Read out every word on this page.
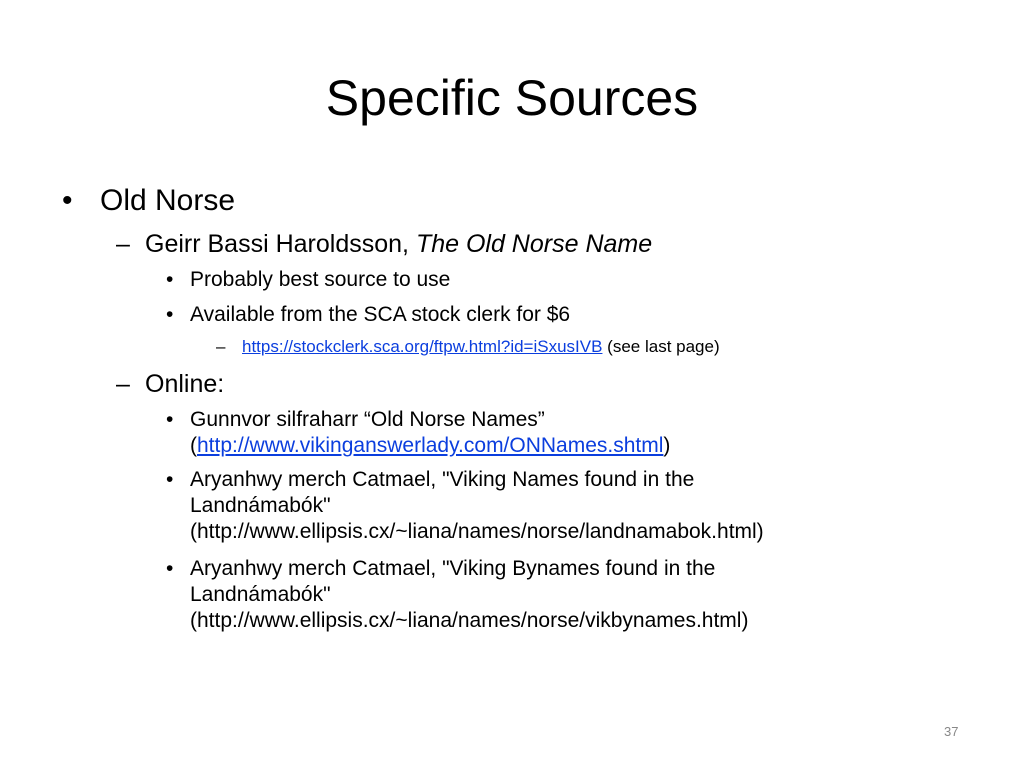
Specific Sources
• Old Norse
– Geirr Bassi Haroldsson, The Old Norse Name
• Probably best source to use
• Available from the SCA stock clerk for $6
– https://stockclerk.sca.org/ftpw.html?id=iSxusIVB (see last page)
– Online:
• Gunnvor silfraharr “Old Norse Names”
(http://www.vikinganswerlady.com/ONNames.shtml)
• Aryanhwy merch Catmael, "Viking Names found in the
Landnámabók"
(http://www.ellipsis.cx/~liana/names/norse/landnamabok.html)
• Aryanhwy merch Catmael, "Viking Bynames found in the
Landnámabók"
(http://www.ellipsis.cx/~liana/names/norse/vikbynames.html)
37
